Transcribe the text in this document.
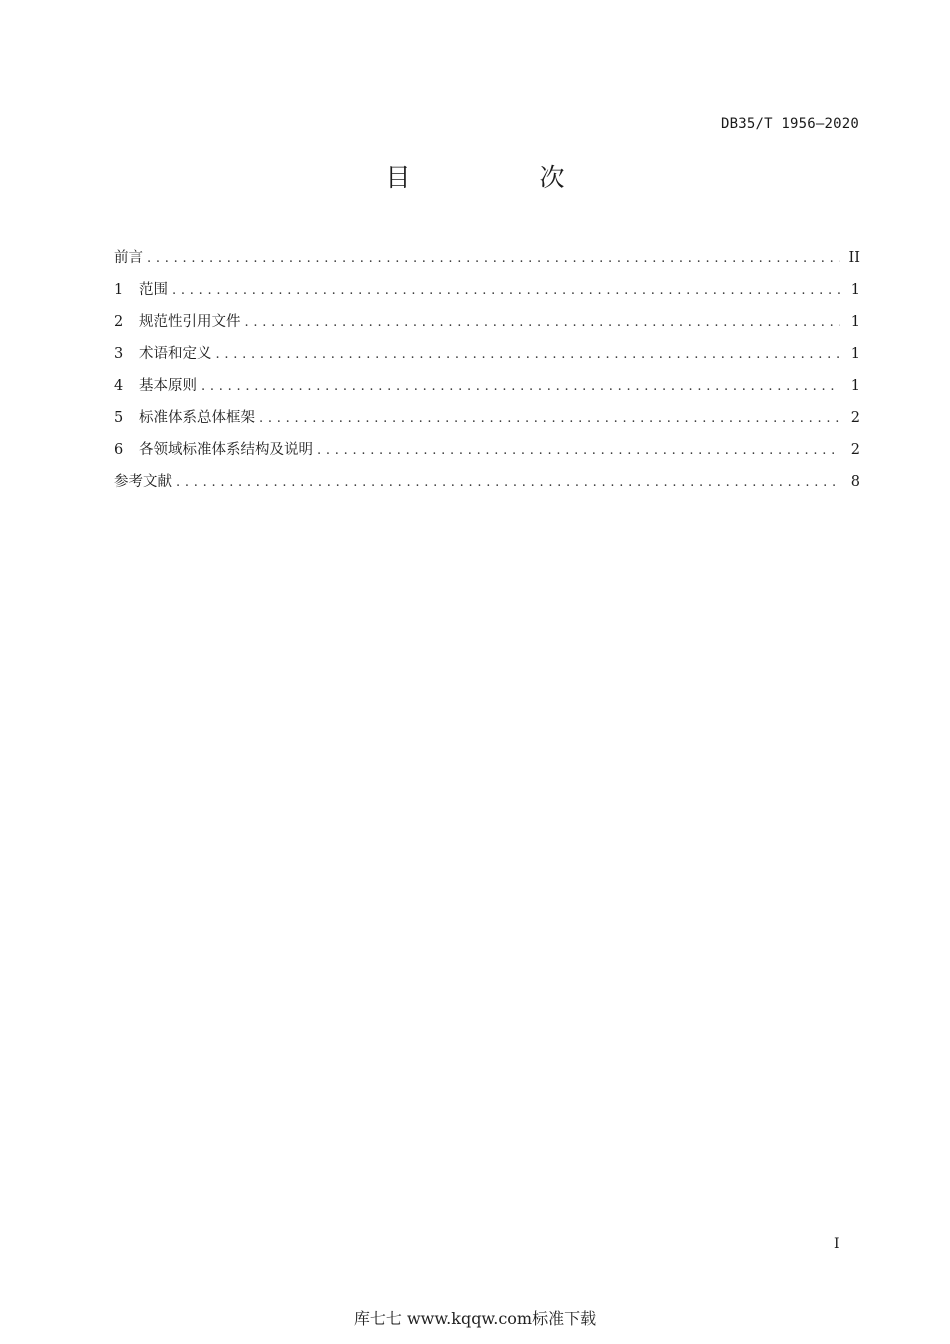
DB35/T 1956—2020
目　次
前言 . . .	II
1	范围 . . .	1
2	规范性引用文件 . . .	1
3	术语和定义 . . .	1
4	基本原则 . . .	1
5	标准体系总体框架 . . .	2
6	各领域标准体系结构及说明 . . .	2
参考文献 . . .	8
I
库七七 www.kqqw.com标准下载
